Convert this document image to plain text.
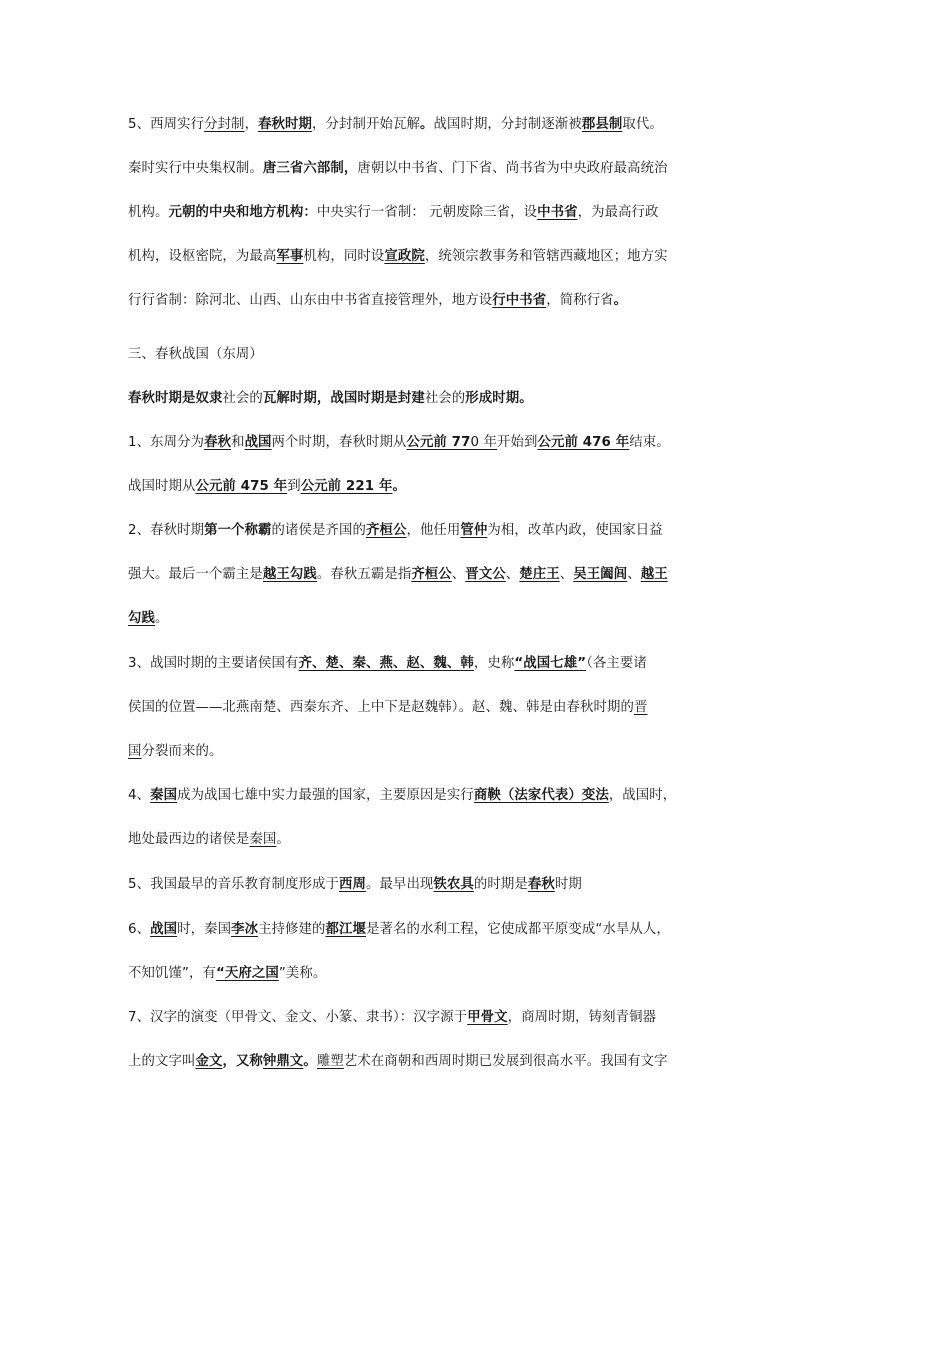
5、西周实行分封制，春秋时期，分封制开始瓦解。战国时期，分封制逐渐被郡县制取代。
秦时实行中央集权制。唐三省六部制，唐朝以中书省、门下省、尚书省为中央政府最高统治
机构。元朝的中央和地方机构：中央实行一省制： 元朝废除三省，设中书省，为最高行政
机构，设枢密院，为最高军事机构，同时设宣政院，统领宗教事务和管辖西藏地区；地方实
行行省制：除河北、山西、山东由中书省直接管理外，地方设行中书省，简称行省。
三、春秋战国（东周）
春秋时期是奴隶社会的瓦解时期，战国时期是封建社会的形成时期。
1、东周分为春秋和战国两个时期，春秋时期从公元前 770 年开始到公元前 476 年结束。
战国时期从公元前 475 年到公元前 221 年。
2、春秋时期第一个称霸的诸侯是齐国的齐桓公，他任用管仲为相，改革内政，使国家日益
强大。最后一个霸主是越王勾践。春秋五霸是指齐桓公、晋文公、楚庄王、吴王阖闾、越王
勾践。
3、战国时期的主要诸侯国有齐、楚、秦、燕、赵、魏、韩，史称“战国七雄”（各主要诸
侯国的位置——北燕南楚、西秦东齐、上中下是赵魏韩）。赵、魏、韩是由春秋时期的晋
国分裂而来的。
4、秦国成为战国七雄中实力最强的国家，主要原因是实行商鞅（法家代表）变法，战国时，
地处最西边的诸侯是秦国。
5、我国最早的音乐教育制度形成于西周。最早出现铁农具的时期是春秋时期
6、战国时，秦国李冰主持修建的都江堰是著名的水利工程，它使成都平原变成“水旱从人，
不知饥馑”，有“天府之国”美称。
7、汉字的演变（甲骨文、金文、小篆、隶书）：汉字源于甲骨文，商周时期，铸刻青铜器
上的文字叫金文，又称钟鼎文。雕塑艺术在商朝和西周时期已发展到很高水平。我国有文字
